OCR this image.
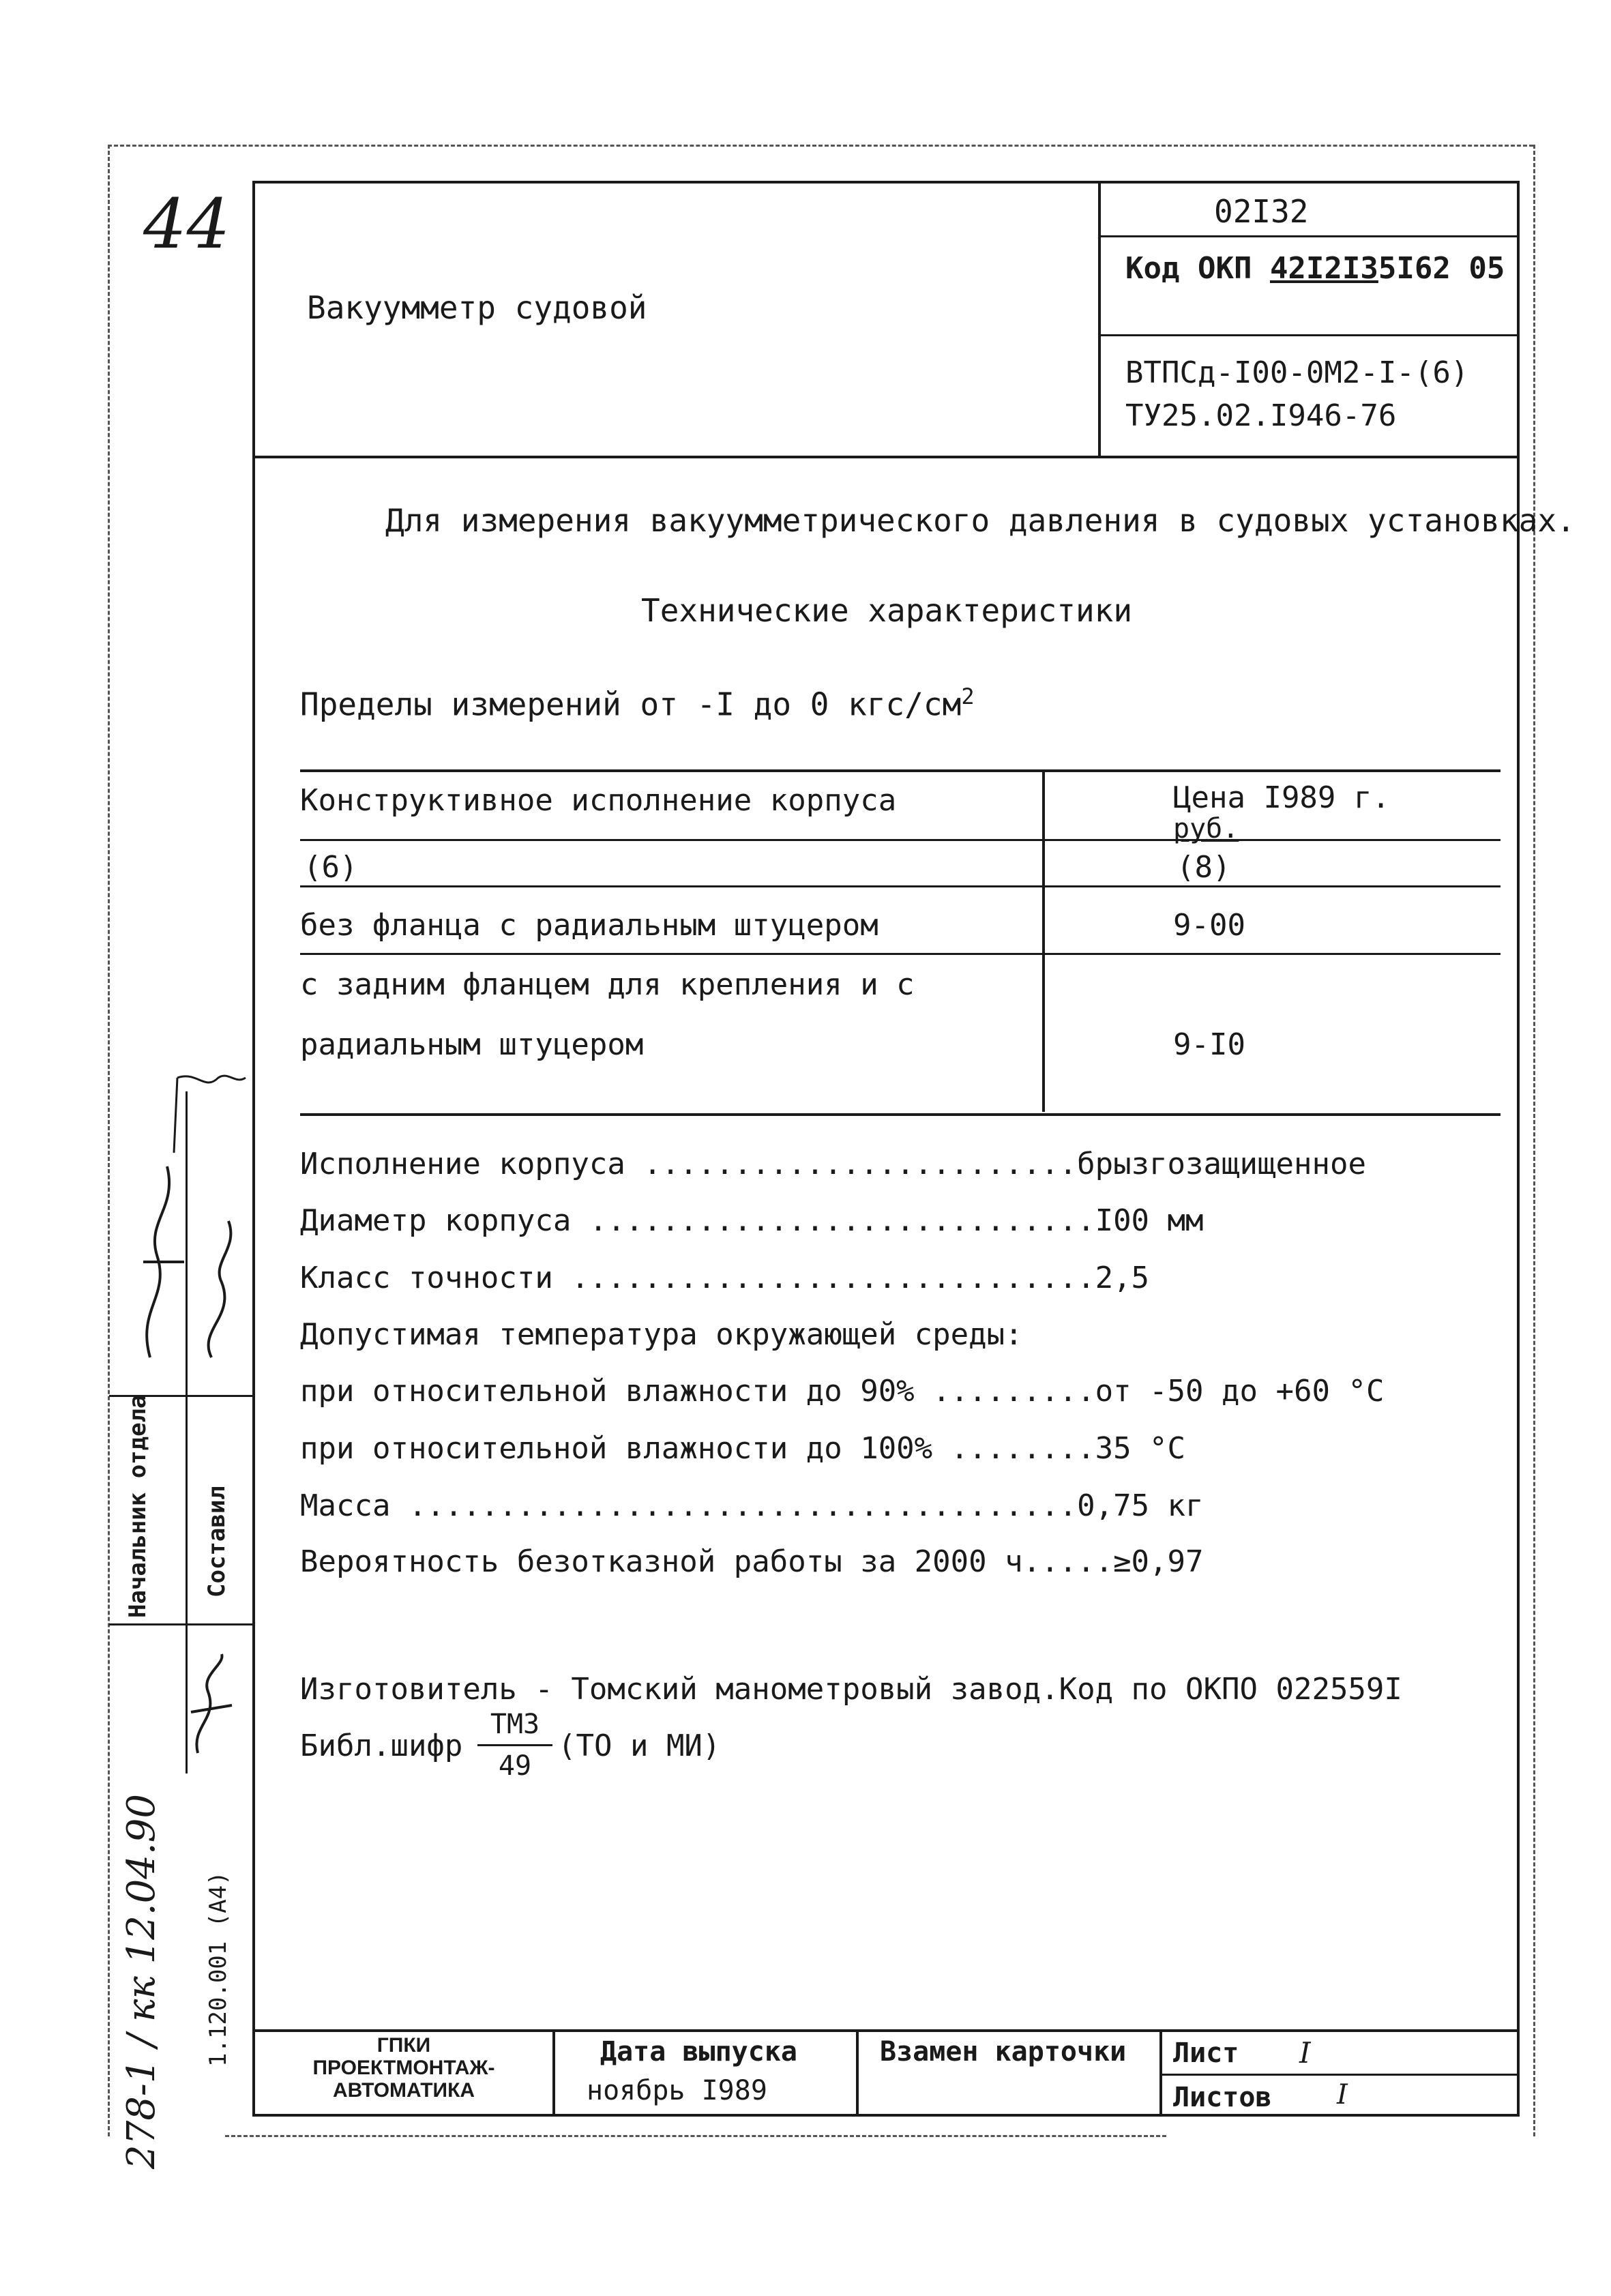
44
Вакуумметр судовой
02I32
Код ОКП 42I2I35I62 05
ВТПСд-I00-0M2-I-(6)
ТУ25.02.I946-76
Для измерения вакуумметрического давления в судовых установках.
Технические характеристики
Пределы измерений от -I до 0 кгс/$см^2$
Конструктивное исполнение корпуса	Цена I989 г.
руб.
(6)	(8)
без фланца с радиальным штуцером	9-00
с задним фланцем для крепления и с
радиальным штуцером	9-I0
Исполнение корпуса ........................брызгозащищенное
Диаметр корпуса ............................I00 мм
Класс точности .............................2,5
Допустимая температура окружающей среды:
при относительной влажности до 90% .........от -50 до +60 °С
при относительной влажности до 100% ........35 °С
Масса .....................................0,75 кг
Вероятность безотказной работы за 2000 ч.....≥0,97
Изготовитель - Томский манометровый завод.Код по ОКПО 022559I
Библ.шифр
ТМЗ
49
(ТО и МИ)
ГПКИ
ПРОЕКТМОНТАЖ-
АВТОМАТИКА
Дата выпуска
ноябрь I989
Взамен карточки Лист I
Листов I
Начальник отдела Составил
1.120.001 (А4)
278-1 / кк 12.04.90
